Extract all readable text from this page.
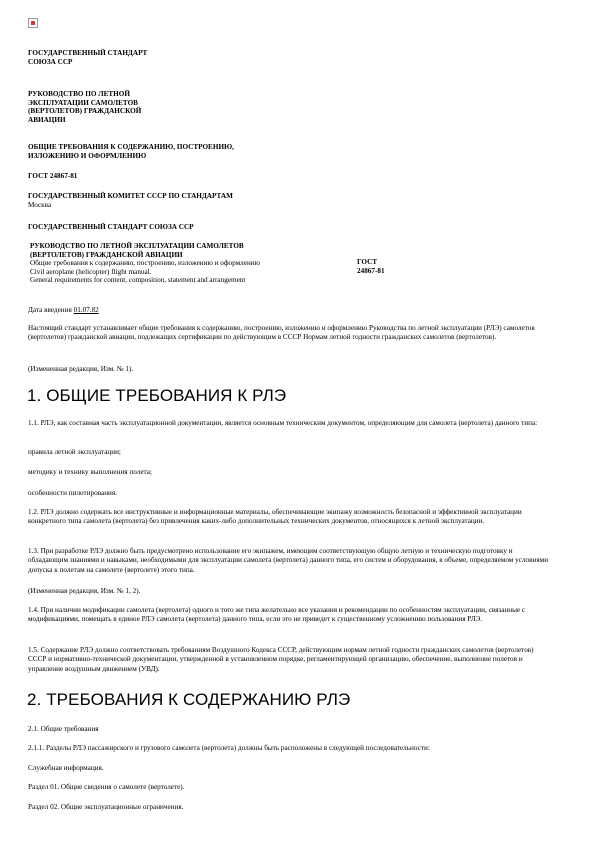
ГОСУДАРСТВЕННЫЙ СТАНДАРТ
СОЮЗА ССР
РУКОВОДСТВО ПО ЛЕТНОЙ
ЭКСПЛУАТАЦИИ САМОЛЕТОВ
(ВЕРТОЛЕТОВ) ГРАЖДАНСКОЙ
АВИАЦИИ
ОБЩИЕ ТРЕБОВАНИЯ К СОДЕРЖАНИЮ, ПОСТРОЕНИЮ,
ИЗЛОЖЕНИЮ И ОФОРМЛЕНИЮ
ГОСТ 24867-81
ГОСУДАРСТВЕННЫЙ КОМИТЕТ СССР ПО СТАНДАРТАМ
Москва
ГОСУДАРСТВЕННЫЙ СТАНДАРТ СОЮЗА ССР
РУКОВОДСТВО ПО ЛЕТНОЙ ЭКСПЛУАТАЦИИ САМОЛЕТОВ
(ВЕРТОЛЕТОВ) ГРАЖДАНСКОЙ АВИАЦИИ
Общие требования к содержанию, построению, изложению и оформлению
Civil aeroplane (helicopter) flight manual.
General requirements for content, composition, statement and arrangement
ГОСТ
24867-81
Дата введения 01.07.82
Настоящий стандарт устанавливает общие требования к содержанию, построению, изложению и оформлению Руководства по летной эксплуатации (РЛЭ) самолетов (вертолетов) гражданской авиации, подлежащих сертификации по действующим в СССР Нормам летной годности гражданских самолетов (вертолетов).
(Измененная редакция, Изм. № 1).
1. ОБЩИЕ ТРЕБОВАНИЯ К РЛЭ
1.1. РЛЭ, как составная часть эксплуатационной документации, является основным техническим документом, определяющим для самолета (вертолета) данного типа:
правила летной эксплуатации;
методику и технику выполнения полета;
особенности пилотирования.
1.2. РЛЭ должно содержать все инструктивные и информационные материалы, обеспечивающие экипажу возможность безопасной и эффективной эксплуатации конкретного типа самолета (вертолета) без привлечения каких-либо дополнительных технических документов, относящихся к летной эксплуатации.
1.3. При разработке РЛЭ должно быть предусмотрено использование его экипажем, имеющим соответствующую общую летную и техническую подготовку и обладающим знаниями и навыками, необходимыми для эксплуатации самолета (вертолета) данного типа, его систем и оборудования, в объеме, определяемом условиями допуска к полетам на самолете (вертолете) этого типа.
(Измененная редакция, Изм. № 1, 2).
1.4. При наличии модификации самолета (вертолета) одного и того же типа желательно все указания и рекомендации по особенностям эксплуатации, связанные с модификациями, помещать в единое РЛЭ самолета (вертолета) данного типа, если это не приведет к существенному усложнению пользования РЛЭ.
1.5. Содержание РЛЭ должно соответствовать требованиям Воздушного Кодекса СССР, действующим нормам летной годности гражданских самолетов (вертолетов) СССР и нормативно-технической документации, утвержденной в установленном порядке, регламентирующей организацию, обеспечение, выполнение полетов и управление воздушным движением (УВД).
2. ТРЕБОВАНИЯ К СОДЕРЖАНИЮ РЛЭ
2.1. Общие требования
2.1.1. Разделы РЛЭ пассажирского и грузового самолета (вертолета) должны быть расположены в следующей последовательности:
Служебная информация.
Раздел 01. Общие сведения о самолете (вертолете).
Раздел 02. Общие эксплуатационные ограничения.
